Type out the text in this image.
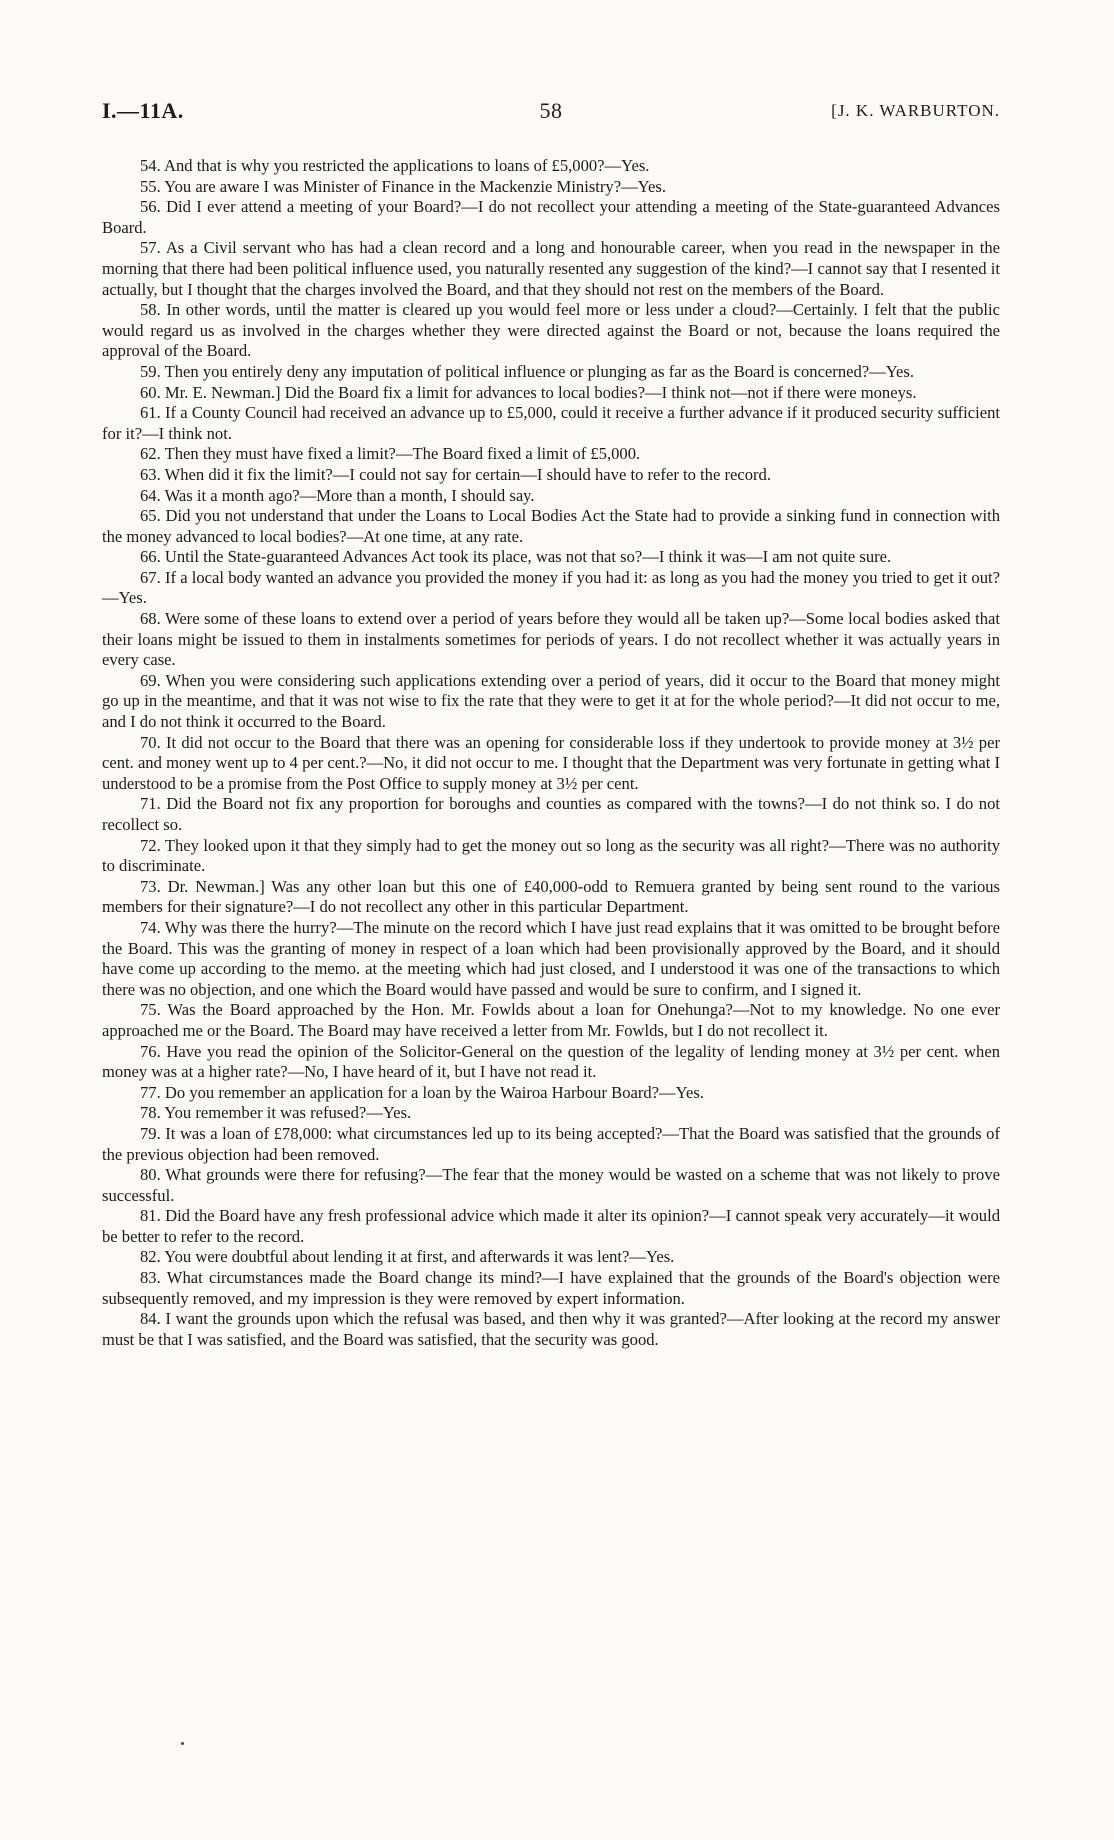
I.—11A.	58	[J. K. WARBURTON.

54. And that is why you restricted the applications to loans of £5,000?—Yes.

55. You are aware I was Minister of Finance in the Mackenzie Ministry?—Yes.

56. Did I ever attend a meeting of your Board?—I do not recollect your attending a meeting of the State-guaranteed Advances Board.

57. As a Civil servant who has had a clean record and a long and honourable career, when you read in the newspaper in the morning that there had been political influence used, you naturally resented any suggestion of the kind?—I cannot say that I resented it actually, but I thought that the charges involved the Board, and that they should not rest on the members of the Board.

58. In other words, until the matter is cleared up you would feel more or less under a cloud?—Certainly. I felt that the public would regard us as involved in the charges whether they were directed against the Board or not, because the loans required the approval of the Board.

59. Then you entirely deny any imputation of political influence or plunging as far as the Board is concerned?—Yes.

60. Mr. E. Newman.] Did the Board fix a limit for advances to local bodies?—I think not—not if there were moneys.

61. If a County Council had received an advance up to £5,000, could it receive a further advance if it produced security sufficient for it?—I think not.

62. Then they must have fixed a limit?—The Board fixed a limit of £5,000.

63. When did it fix the limit?—I could not say for certain—I should have to refer to the record.

64. Was it a month ago?—More than a month, I should say.

65. Did you not understand that under the Loans to Local Bodies Act the State had to provide a sinking fund in connection with the money advanced to local bodies?—At one time, at any rate.

66. Until the State-guaranteed Advances Act took its place, was not that so?—I think it was—I am not quite sure.

67. If a local body wanted an advance you provided the money if you had it: as long as you had the money you tried to get it out?—Yes.

68. Were some of these loans to extend over a period of years before they would all be taken up?—Some local bodies asked that their loans might be issued to them in instalments sometimes for periods of years. I do not recollect whether it was actually years in every case.

69. When you were considering such applications extending over a period of years, did it occur to the Board that money might go up in the meantime, and that it was not wise to fix the rate that they were to get it at for the whole period?—It did not occur to me, and I do not think it occurred to the Board.

70. It did not occur to the Board that there was an opening for considerable loss if they undertook to provide money at 3½ per cent. and money went up to 4 per cent.?—No, it did not occur to me. I thought that the Department was very fortunate in getting what I understood to be a promise from the Post Office to supply money at 3½ per cent.

71. Did the Board not fix any proportion for boroughs and counties as compared with the towns?—I do not think so. I do not recollect so.

72. They looked upon it that they simply had to get the money out so long as the security was all right?—There was no authority to discriminate.

73. Dr. Newman.] Was any other loan but this one of £40,000-odd to Remuera granted by being sent round to the various members for their signature?—I do not recollect any other in this particular Department.

74. Why was there the hurry?—The minute on the record which I have just read explains that it was omitted to be brought before the Board. This was the granting of money in respect of a loan which had been provisionally approved by the Board, and it should have come up according to the memo. at the meeting which had just closed, and I understood it was one of the transactions to which there was no objection, and one which the Board would have passed and would be sure to confirm, and I signed it.

75. Was the Board approached by the Hon. Mr. Fowlds about a loan for Onehunga?—Not to my knowledge. No one ever approached me or the Board. The Board may have received a letter from Mr. Fowlds, but I do not recollect it.

76. Have you read the opinion of the Solicitor-General on the question of the legality of lending money at 3½ per cent. when money was at a higher rate?—No, I have heard of it, but I have not read it.

77. Do you remember an application for a loan by the Wairoa Harbour Board?—Yes.

78. You remember it was refused?—Yes.

79. It was a loan of £78,000: what circumstances led up to its being accepted?—That the Board was satisfied that the grounds of the previous objection had been removed.

80. What grounds were there for refusing?—The fear that the money would be wasted on a scheme that was not likely to prove successful.

81. Did the Board have any fresh professional advice which made it alter its opinion?—I cannot speak very accurately—it would be better to refer to the record.

82. You were doubtful about lending it at first, and afterwards it was lent?—Yes.

83. What circumstances made the Board change its mind?—I have explained that the grounds of the Board's objection were subsequently removed, and my impression is they were removed by expert information.

84. I want the grounds upon which the refusal was based, and then why it was granted?—After looking at the record my answer must be that I was satisfied, and the Board was satisfied, that the security was good.
